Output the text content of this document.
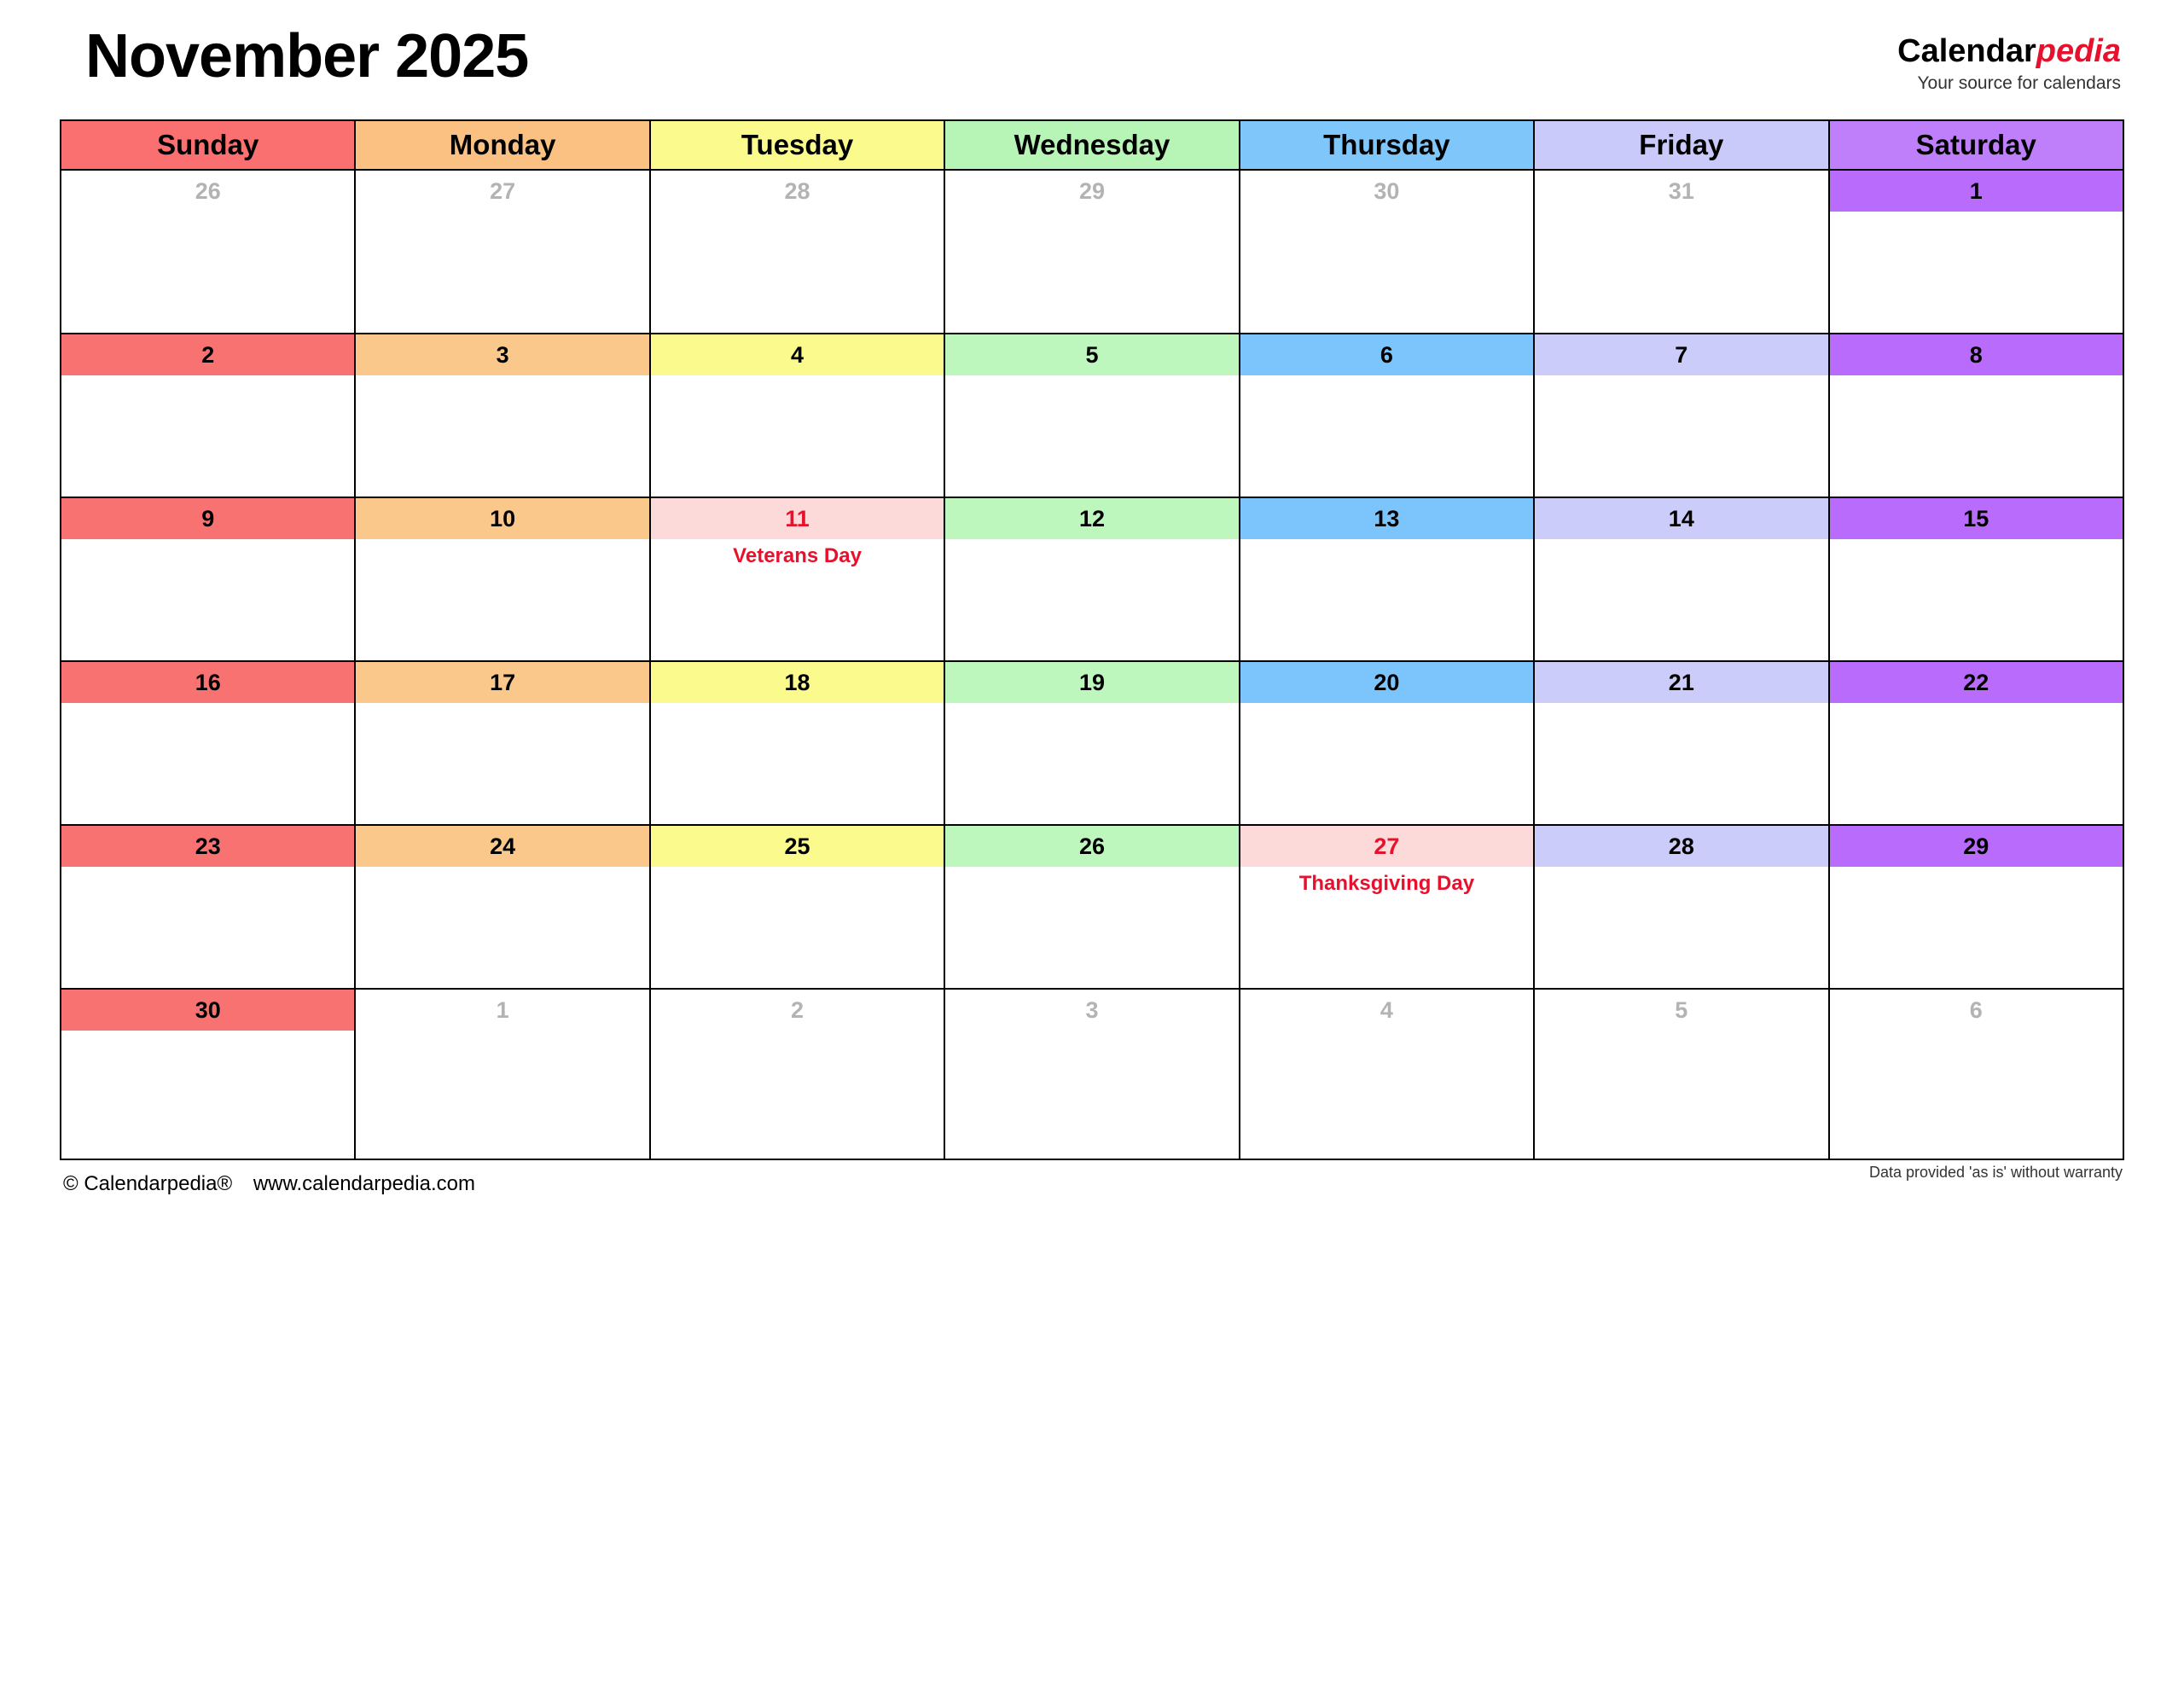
November 2025	Calendarpedia
Your source for calendars
Sunday	Monday	Tuesday	Wednesday	Thursday	Friday	Saturday
26	27	28	29	30	31	1

2	3	4	5	6	7	8

9	10	11	12	13	14	15

		Veterans Day				

16	17	18	19	20	21	22

23	24	25	26	27	28	29

				Thanksgiving Day		

30	1	2	3	4	5	6

© Calendarpedia® www.calendarpedia.com	Data provided 'as is' without warranty
